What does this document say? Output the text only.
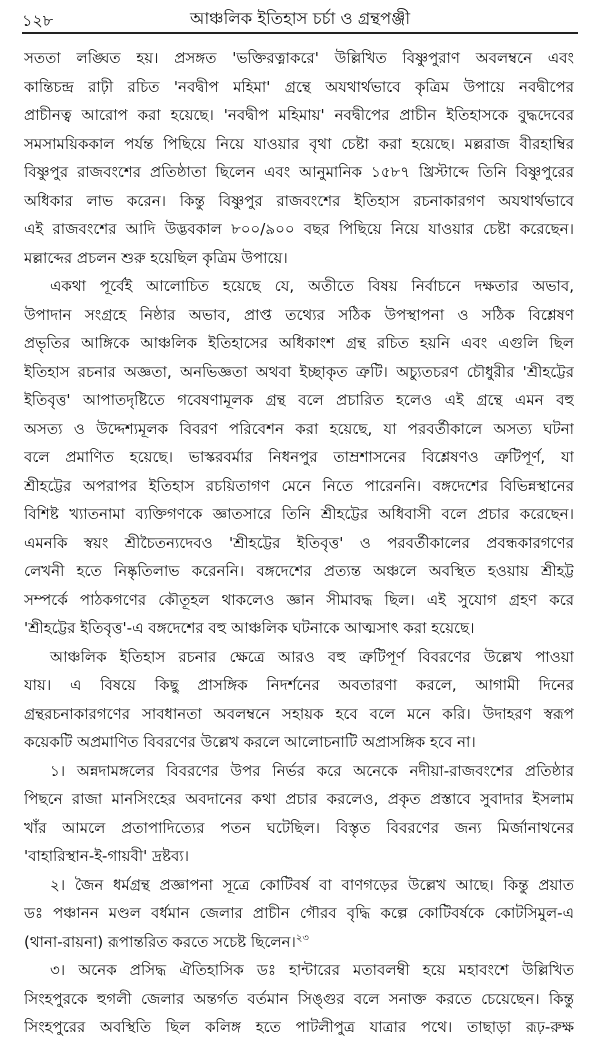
১২৮	আঞ্চলিক ইতিহাস চর্চা ও গ্রন্থপঞ্জী
সততা লঙ্ঘিত হয়। প্রসঙ্গত 'ভক্তিরত্নাকরে' উল্লিখিত বিষ্ণুপুরাণ অবলম্বনে এবং
কান্তিচন্দ্র রাঢ়ী রচিত 'নবদ্বীপ মহিমা' গ্রন্থে অযথার্থভাবে কৃত্রিম উপায়ে নবদ্বীপের
প্রাচীনত্ব আরোপ করা হয়েছে। 'নবদ্বীপ মহিমায়' নবদ্বীপের প্রাচীন ইতিহাসকে বুদ্ধদেবের
সমসাময়িককাল পর্যন্ত পিছিয়ে নিয়ে যাওয়ার বৃথা চেষ্টা করা হয়েছে। মল্লরাজ বীরহাম্বির
বিষ্ণুপুর রাজবংশের প্রতিষ্ঠাতা ছিলেন এবং আনুমানিক ১৫৮৭ খ্রিস্টাব্দে তিনি বিষ্ণুপুরের
অধিকার লাভ করেন। কিন্তু বিষ্ণুপুর রাজবংশের ইতিহাস রচনাকারগণ অযথার্থভাবে
এই রাজবংশের আদি উদ্ভবকাল ৮০০/৯০০ বছর পিছিয়ে নিয়ে যাওয়ার চেষ্টা করেছেন।
মল্লাব্দের প্রচলন শুরু হয়েছিল কৃত্রিম উপায়ে।
একথা পূর্বেই আলোচিত হয়েছে যে, অতীতে বিষয় নির্বাচনে দক্ষতার অভাব,
উপাদান সংগ্রহে নিষ্ঠার অভাব, প্রাপ্ত তথ্যের সঠিক উপস্থাপনা ও সঠিক বিশ্লেষণ
প্রভৃতির আঙ্গিকে আঞ্চলিক ইতিহাসের অধিকাংশ গ্রন্থ রচিত হয়নি এবং এগুলি ছিল
ইতিহাস রচনার অজ্ঞতা, অনভিজ্ঞতা অথবা ইচ্ছাকৃত ত্রুটি। অচ্যুতচরণ চৌধুরীর 'শ্রীহট্টের
ইতিবৃত্ত' আপাতদৃষ্টিতে গবেষণামূলক গ্রন্থ বলে প্রচারিত হলেও এই গ্রন্থে এমন বহু
অসত্য ও উদ্দেশ্যমূলক বিবরণ পরিবেশন করা হয়েছে, যা পরবর্তীকালে অসত্য ঘটনা
বলে প্রমাণিত হয়েছে। ভাস্করবর্মার নিধনপুর তাম্রশাসনের বিশ্লেষণও ত্রুটিপূর্ণ, যা
শ্রীহট্টের অপরাপর ইতিহাস রচয়িতাগণ মেনে নিতে পারেননি। বঙ্গদেশের বিভিন্নস্থানের
বিশিষ্ট খ্যাতনামা ব্যক্তিগণকে জ্ঞাতসারে তিনি শ্রীহট্টের অধিবাসী বলে প্রচার করেছেন।
এমনকি স্বয়ং শ্রীচৈতন্যদেবও 'শ্রীহট্টের ইতিবৃত্ত' ও পরবর্তীকালের প্রবন্ধকারগণের
লেখনী হতে নিষ্কৃতিলাভ করেননি। বঙ্গদেশের প্রত্যন্ত অঞ্চলে অবস্থিত হওয়ায় শ্রীহট্ট
সম্পর্কে পাঠকগণের কৌতূহল থাকলেও জ্ঞান সীমাবদ্ধ ছিল। এই সুযোগ গ্রহণ করে
'শ্রীহট্টের ইতিবৃত্ত'-এ বঙ্গদেশের বহু আঞ্চলিক ঘটনাকে আত্মসাৎ করা হয়েছে।
আঞ্চলিক ইতিহাস রচনার ক্ষেত্রে আরও বহু ত্রুটিপূর্ণ বিবরণের উল্লেখ পাওয়া
যায়। এ বিষয়ে কিছু প্রাসঙ্গিক নিদর্শনের অবতারণা করলে, আগামী দিনের
গ্রন্থরচনাকারগণের সাবধানতা অবলম্বনে সহায়ক হবে বলে মনে করি। উদাহরণ স্বরূপ
কয়েকটি অপ্রমাণিত বিবরণের উল্লেখ করলে আলোচনাটি অপ্রাসঙ্গিক হবে না।
১। অন্নদামঙ্গলের বিবরণের উপর নির্ভর করে অনেকে নদীয়া-রাজবংশের প্রতিষ্ঠার
পিছনে রাজা মানসিংহের অবদানের কথা প্রচার করলেও, প্রকৃত প্রস্তাবে সুবাদার ইসলাম
খাঁর আমলে প্রতাপাদিত্যের পতন ঘটেছিল। বিস্তৃত বিবরণের জন্য মির্জানাথনের
'বাহারিস্থান-ই-গায়বী' দ্রষ্টব্য।
২। জৈন ধর্মগ্রন্থ প্রজ্ঞাপনা সূত্রে কোটিবর্ষ বা বাণগড়ের উল্লেখ আছে। কিন্তু প্রয়াত
ডঃ পঞ্চানন মণ্ডল বর্ধমান জেলার প্রাচীন গৌরব বৃদ্ধি কল্পে কোটিবর্ষকে কোটসিমুল-এ
(থানা-রায়না) রূপান্তরিত করতে সচেষ্ট ছিলেন।$^{২৩}$
৩। অনেক প্রসিদ্ধ ঐতিহাসিক ডঃ হান্টারের মতাবলম্বী হয়ে মহাবংশে উল্লিখিত
সিংহপুরকে হুগলী জেলার অন্তর্গত বর্তমান সিঙ্গুর বলে সনাক্ত করতে চেয়েছেন। কিন্তু
সিংহপুরের অবস্থিতি ছিল কলিঙ্গ হতে পাটলীপুত্র যাত্রার পথে। তাছাড়া রূঢ়-রুক্ষ
